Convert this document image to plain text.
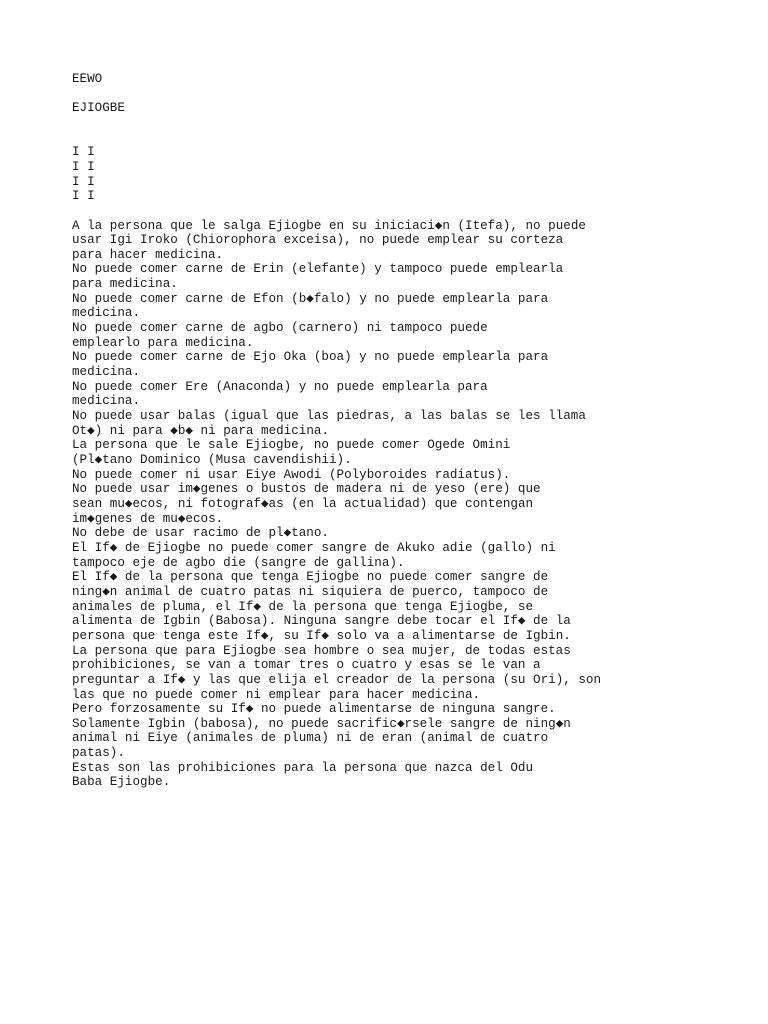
EEWO
EJIOGBE
I I
I I
I I
I I
A la persona que le salga Ejiogbe en su iniciaci◆n (Itefa), no puede
usar Igi Iroko (Chiorophora exceisa), no puede emplear su corteza
para hacer medicina.
No puede comer carne de Erin (elefante) y tampoco puede emplearla
para medicina.
No puede comer carne de Efon (b◆falo) y no puede emplearla para
medicina.
No puede comer carne de agbo (carnero) ni tampoco puede
emplearlo para medicina.
No puede comer carne de Ejo Oka (boa) y no puede emplearla para
medicina.
No puede comer Ere (Anaconda) y no puede emplearla para
medicina.
No puede usar balas (igual que las piedras, a las balas se les llama
Ot◆) ni para ◆b◆ ni para medicina.
La persona que le sale Ejiogbe, no puede comer Ogede Omini
(Pl◆tano Dominico (Musa cavendishii).
No puede comer ni usar Eiye Awodi (Polyboroides radiatus).
No puede usar im◆genes o bustos de madera ni de yeso (ere) que
sean mu◆ecos, ni fotograf◆as (en la actualidad) que contengan
im◆genes de mu◆ecos.
No debe de usar racimo de pl◆tano.
El If◆ de Ejiogbe no puede comer sangre de Akuko adie (gallo) ni
tampoco eje de agbo die (sangre de gallina).
El If◆ de la persona que tenga Ejiogbe no puede comer sangre de
ning◆n animal de cuatro patas ni siquiera de puerco, tampoco de
animales de pluma, el If◆ de la persona que tenga Ejiogbe, se
alimenta de Igbin (Babosa). Ninguna sangre debe tocar el If◆ de la
persona que tenga este If◆, su If◆ solo va a alimentarse de Igbin.
La persona que para Ejiogbe sea hombre o sea mujer, de todas estas
prohibiciones, se van a tomar tres o cuatro y esas se le van a
preguntar a If◆ y las que elija el creador de la persona (su Ori), son
las que no puede comer ni emplear para hacer medicina.
Pero forzosamente su If◆ no puede alimentarse de ninguna sangre.
Solamente Igbin (babosa), no puede sacrific◆rsele sangre de ning◆n
animal ni Eiye (animales de pluma) ni de eran (animal de cuatro
patas).
Estas son las prohibiciones para la persona que nazca del Odu
Baba Ejiogbe.
